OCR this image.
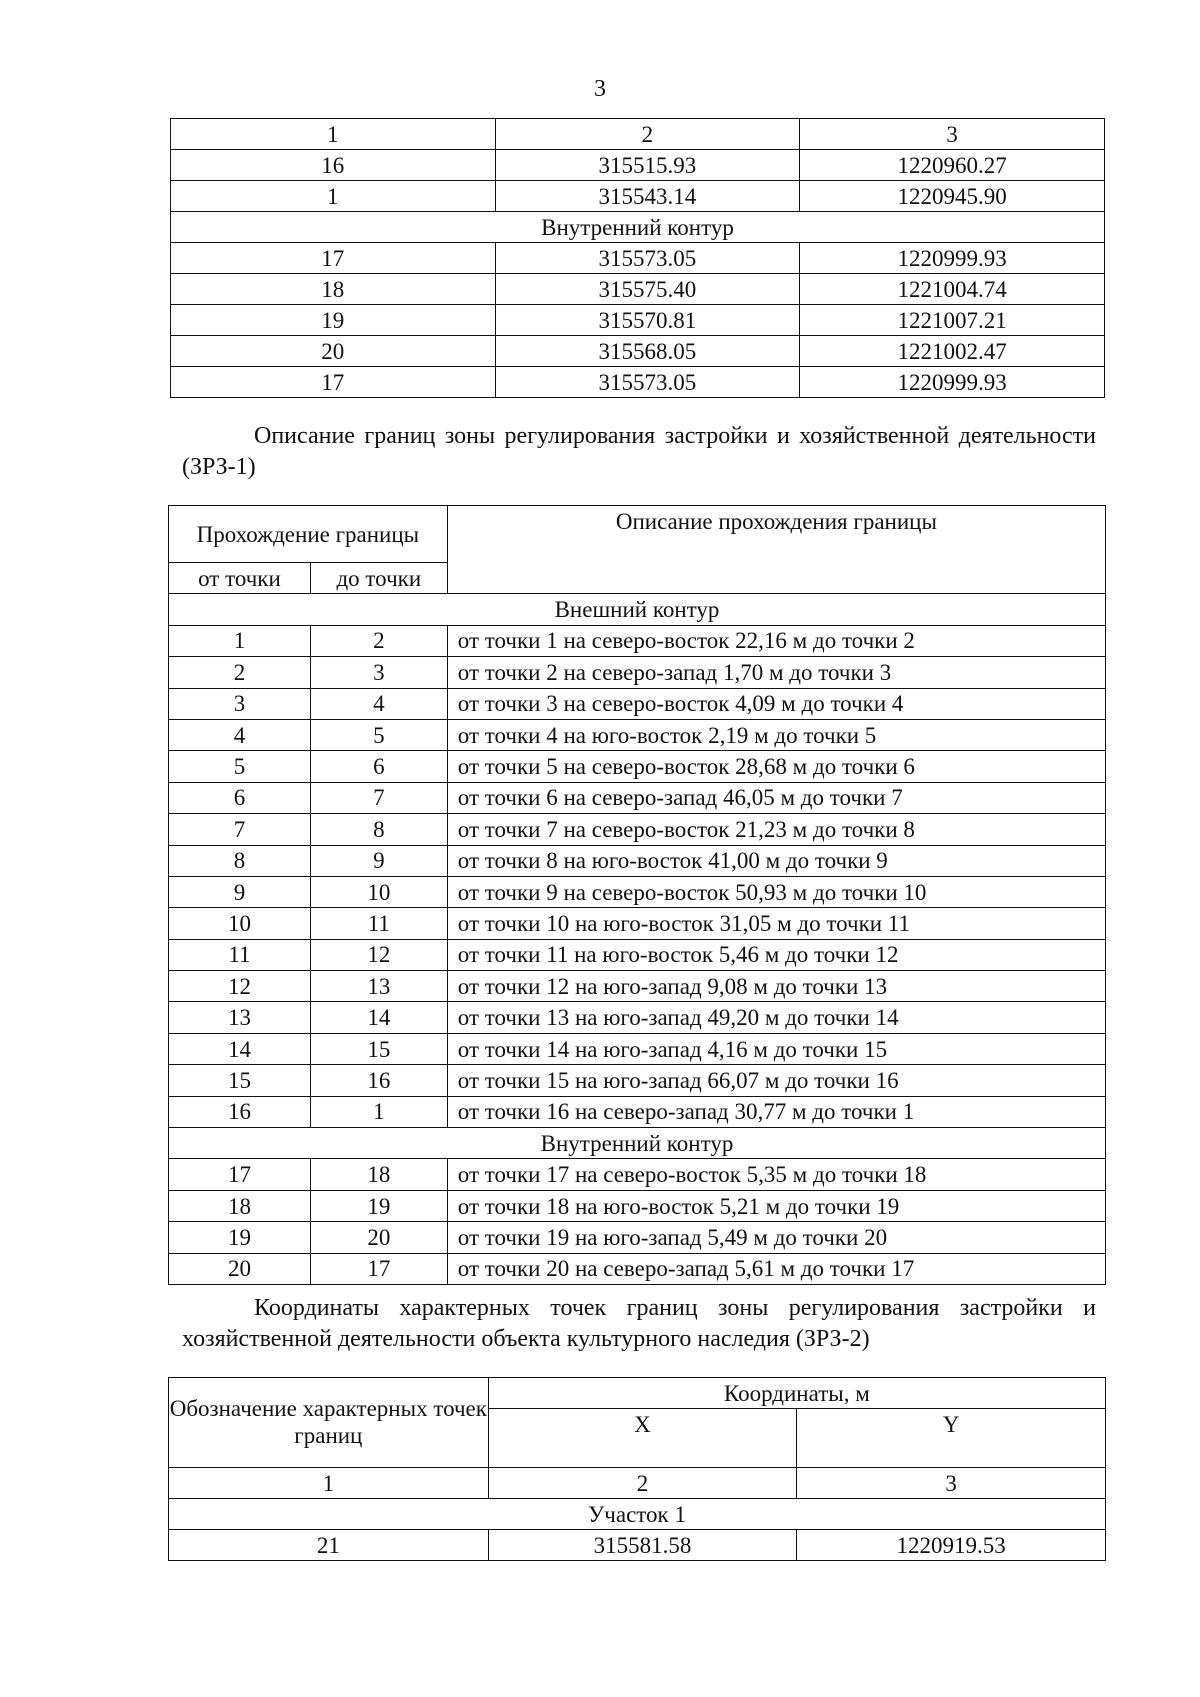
3
1	2	3
16	315515.93	1220960.27
1	315543.14	1220945.90
Внутренний контур		
17	315573.05	1220999.93
18	315575.40	1221004.74
19	315570.81	1221007.21
20	315568.05	1221002.47
17	315573.05	1220999.93
Описание границ зоны регулирования застройки и хозяйственной деятельности (ЗРЗ-1)
Прохождение границы		Описание прохождения границы
от точки	до точки	
Внешний контур		
1	2	от точки 1 на северо-восток 22,16 м до точки 2
2	3	от точки 2 на северо-запад 1,70 м до точки 3
3	4	от точки 3 на северо-восток 4,09 м до точки 4
4	5	от точки 4 на юго-восток 2,19 м до точки 5
5	6	от точки 5 на северо-восток 28,68 м до точки 6
6	7	от точки 6 на северо-запад 46,05 м до точки 7
7	8	от точки 7 на северо-восток 21,23 м до точки 8
8	9	от точки 8 на юго-восток 41,00 м до точки 9
9	10	от точки 9 на северо-восток 50,93 м до точки 10
10	11	от точки 10 на юго-восток 31,05 м до точки 11
11	12	от точки 11 на юго-восток 5,46 м до точки 12
12	13	от точки 12 на юго-запад 9,08 м до точки 13
13	14	от точки 13 на юго-запад 49,20 м до точки 14
14	15	от точки 14 на юго-запад 4,16 м до точки 15
15	16	от точки 15 на юго-запад 66,07 м до точки 16
16	1	от точки 16 на северо-запад 30,77 м до точки 1
Внутренний контур		
17	18	от точки 17 на северо-восток 5,35 м до точки 18
18	19	от точки 18 на юго-восток 5,21 м до точки 19
19	20	от точки 19 на юго-запад 5,49 м до точки 20
20	17	от точки 20 на северо-запад 5,61 м до точки 17
Координаты характерных точек границ зоны регулирования застройки и хозяйственной деятельности объекта культурного наследия (ЗРЗ-2)
Обозначение характерных точек границ	Координаты, м	
	X	Y
1	2	3
Участок 1		
21	315581.58	1220919.53
